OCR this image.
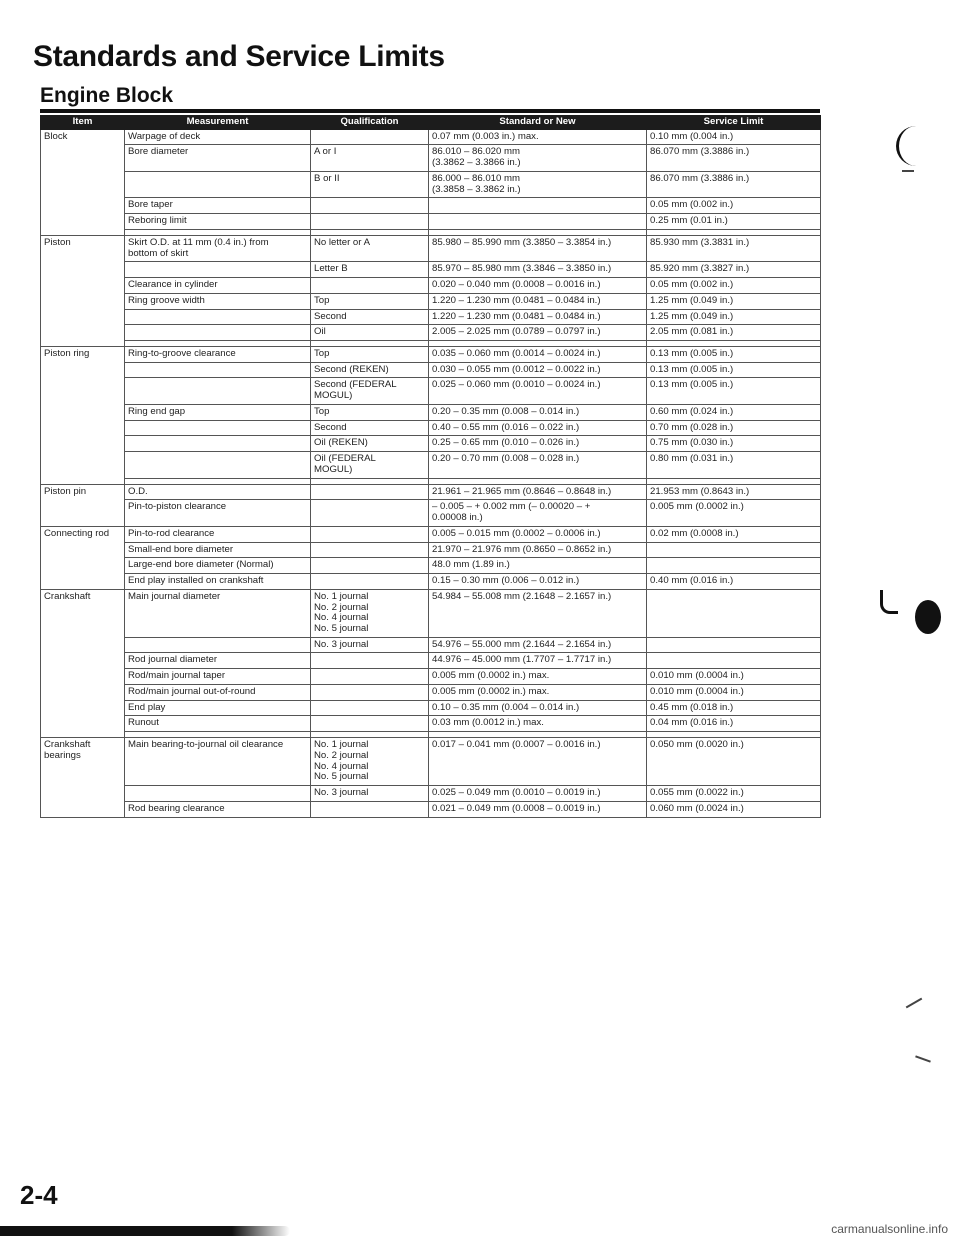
Standards and Service Limits
Engine Block
Item	Measurement	Qualification	Standard or New	Service Limit
Block	Warpage of deck		0.07 mm (0.003 in.) max.	0.10 mm (0.004 in.)

	Bore diameter	A or I	86.010 – 86.020 mm
(3.3862 – 3.3866 in.)	86.070 mm (3.3886 in.)

		B or II	86.000 – 86.010 mm
(3.3858 – 3.3862 in.)	86.070 mm (3.3886 in.)

	Bore taper			0.05 mm (0.002 in.)

	Reboring limit			0.25 mm (0.01 in.)

Piston	Skirt O.D. at 11 mm (0.4 in.) from
bottom of skirt	No letter or A	85.980 – 85.990 mm (3.3850 – 3.3854 in.)	85.930 mm (3.3831 in.)

		Letter B	85.970 – 85.980 mm (3.3846 – 3.3850 in.)	85.920 mm (3.3827 in.)

	Clearance in cylinder		0.020 – 0.040 mm (0.0008 – 0.0016 in.)	0.05 mm (0.002 in.)

	Ring groove width	Top	1.220 – 1.230 mm (0.0481 – 0.0484 in.)	1.25 mm (0.049 in.)

		Second	1.220 – 1.230 mm (0.0481 – 0.0484 in.)	1.25 mm (0.049 in.)

		Oil	2.005 – 2.025 mm (0.0789 – 0.0797 in.)	2.05 mm (0.081 in.)

Piston ring	Ring-to-groove clearance	Top	0.035 – 0.060 mm (0.0014 – 0.0024 in.)	0.13 mm (0.005 in.)

		Second (REKEN)	0.030 – 0.055 mm (0.0012 – 0.0022 in.)	0.13 mm (0.005 in.)

		Second (FEDERAL
MOGUL)	0.025 – 0.060 mm (0.0010 – 0.0024 in.)	0.13 mm (0.005 in.)

	Ring end gap	Top	0.20 – 0.35 mm (0.008 – 0.014 in.)	0.60 mm (0.024 in.)

		Second	0.40 – 0.55 mm (0.016 – 0.022 in.)	0.70 mm (0.028 in.)

		Oil (REKEN)	0.25 – 0.65 mm (0.010 – 0.026 in.)	0.75 mm (0.030 in.)

		Oil (FEDERAL
MOGUL)	0.20 – 0.70 mm (0.008 – 0.028 in.)	0.80 mm (0.031 in.)

Piston pin	O.D.		21.961 – 21.965 mm (0.8646 – 0.8648 in.)	21.953 mm (0.8643 in.)

	Pin-to-piston clearance		– 0.005 – + 0.002 mm (– 0.00020 – +
0.00008 in.)	0.005 mm (0.0002 in.)

Connecting rod	Pin-to-rod clearance		0.005 – 0.015 mm (0.0002 – 0.0006 in.)	0.02 mm (0.0008 in.)

	Small-end bore diameter		21.970 – 21.976 mm (0.8650 – 0.8652 in.)	

	Large-end bore diameter (Normal)		48.0 mm (1.89 in.)	

	End play installed on crankshaft		0.15 – 0.30 mm (0.006 – 0.012 in.)	0.40 mm (0.016 in.)

Crankshaft	Main journal diameter	No. 1 journal
No. 2 journal
No. 4 journal
No. 5 journal	54.984 – 55.008 mm (2.1648 – 2.1657 in.)	

		No. 3 journal	54.976 – 55.000 mm (2.1644 – 2.1654 in.)	

	Rod journal diameter		44.976 – 45.000 mm (1.7707 – 1.7717 in.)	

	Rod/main journal taper		0.005 mm (0.0002 in.) max.	0.010 mm (0.0004 in.)

	Rod/main journal out-of-round		0.005 mm (0.0002 in.) max.	0.010 mm (0.0004 in.)

	End play		0.10 – 0.35 mm (0.004 – 0.014 in.)	0.45 mm (0.018 in.)

	Runout		0.03 mm (0.0012 in.) max.	0.04 mm (0.016 in.)

Crankshaft
bearings	Main bearing-to-journal oil clearance	No. 1 journal
No. 2 journal
No. 4 journal
No. 5 journal	0.017 – 0.041 mm (0.0007 – 0.0016 in.)	0.050 mm (0.0020 in.)

		No. 3 journal	0.025 – 0.049 mm (0.0010 – 0.0019 in.)	0.055 mm (0.0022 in.)

	Rod bearing clearance		0.021 – 0.049 mm (0.0008 – 0.0019 in.)	0.060 mm (0.0024 in.)
2-4
carmanualsonline.info
